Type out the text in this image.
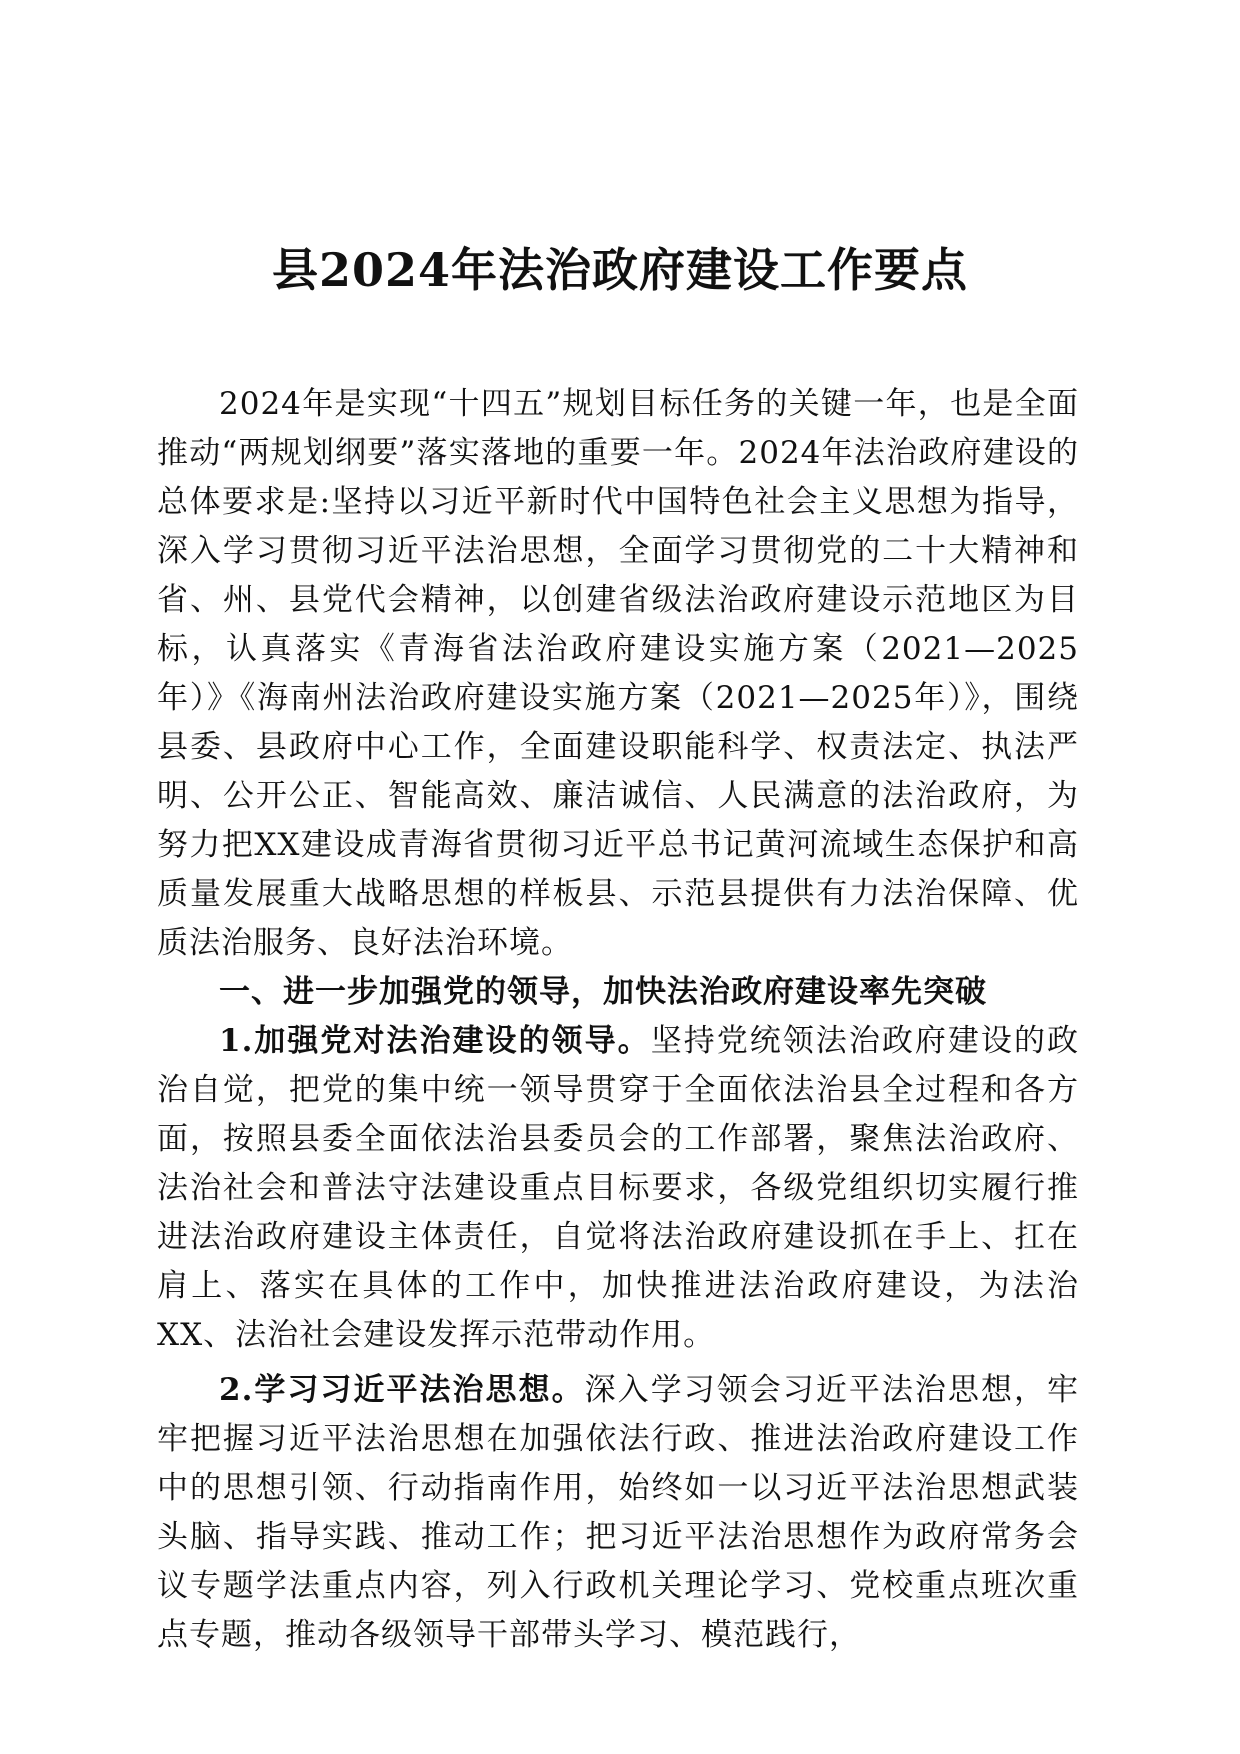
县2024年法治政府建设工作要点

2024年是实现“十四五”规划目标任务的关键一年，也是全面推动“两规划纲要”落实落地的重要一年。2024年法治政府建设的总体要求是:坚持以习近平新时代中国特色社会主义思想为指导，深入学习贯彻习近平法治思想，全面学习贯彻党的二十大精神和省、州、县党代会精神，以创建省级法治政府建设示范地区为目标，认真落实《青海省法治政府建设实施方案（2021—2025年）》《海南州法治政府建设实施方案（2021—2025年）》，围绕县委、县政府中心工作，全面建设职能科学、权责法定、执法严明、公开公正、智能高效、廉洁诚信、人民满意的法治政府，为努力把XX建设成青海省贯彻习近平总书记黄河流域生态保护和高质量发展重大战略思想的样板县、示范县提供有力法治保障、优质法治服务、良好法治环境。

一、进一步加强党的领导，加快法治政府建设率先突破

1.加强党对法治建设的领导。坚持党统领法治政府建设的政治自觉，把党的集中统一领导贯穿于全面依法治县全过程和各方面，按照县委全面依法治县委员会的工作部署，聚焦法治政府、法治社会和普法守法建设重点目标要求，各级党组织切实履行推进法治政府建设主体责任，自觉将法治政府建设抓在手上、扛在肩上、落实在具体的工作中，加快推进法治政府建设，为法治XX、法治社会建设发挥示范带动作用。

2.学习习近平法治思想。深入学习领会习近平法治思想，牢牢把握习近平法治思想在加强依法行政、推进法治政府建设工作中的思想引领、行动指南作用，始终如一以习近平法治思想武装头脑、指导实践、推动工作；把习近平法治思想作为政府常务会议专题学法重点内容，列入行政机关理论学习、党校重点班次重点专题，推动各级领导干部带头学习、模范践行，
